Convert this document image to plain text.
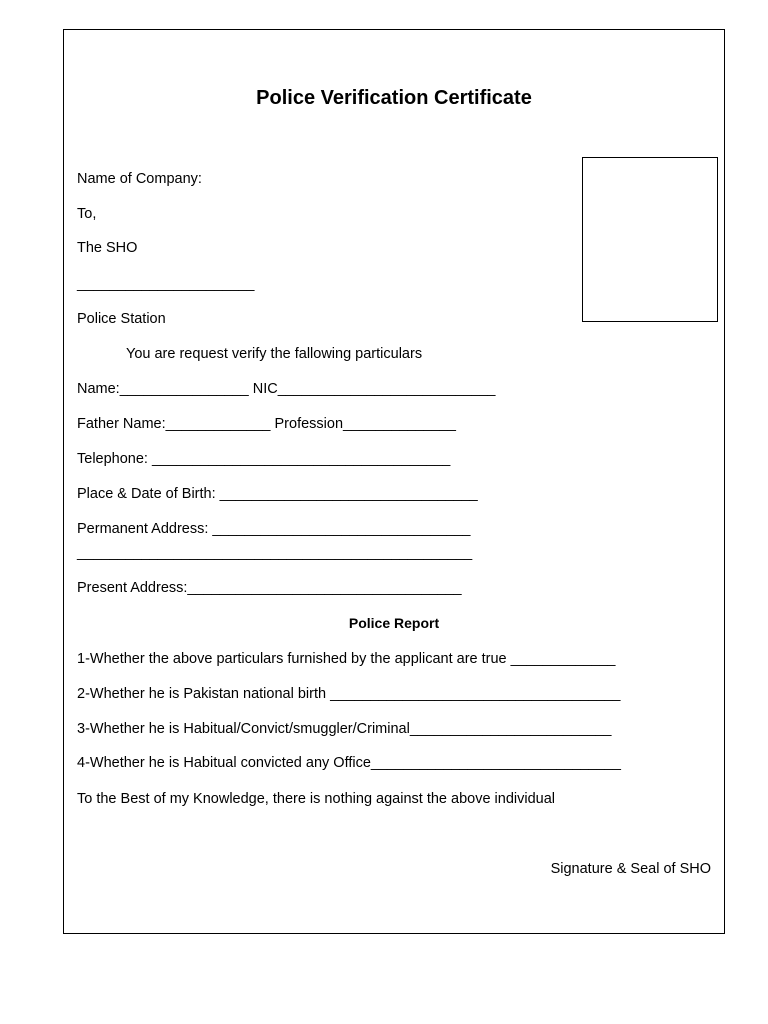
Police Verification Certificate
Name of Company:
To,
The SHO
______________________
Police Station
You are request verify the fallowing particulars
Name:________________ NIC___________________________
Father Name:_____________ Profession______________
Telephone: _____________________________________
Place & Date of Birth: ________________________________
Permanent Address: ________________________________
_________________________________________________
Present Address:__________________________________
Police Report
1-Whether the above particulars furnished by the applicant are true _____________
2-Whether he is Pakistan national birth ____________________________________
3-Whether he is Habitual/Convict/smuggler/Criminal_________________________
4-Whether he is Habitual convicted any Office_______________________________
To the Best of my Knowledge, there is nothing against the above individual
Signature & Seal of SHO
